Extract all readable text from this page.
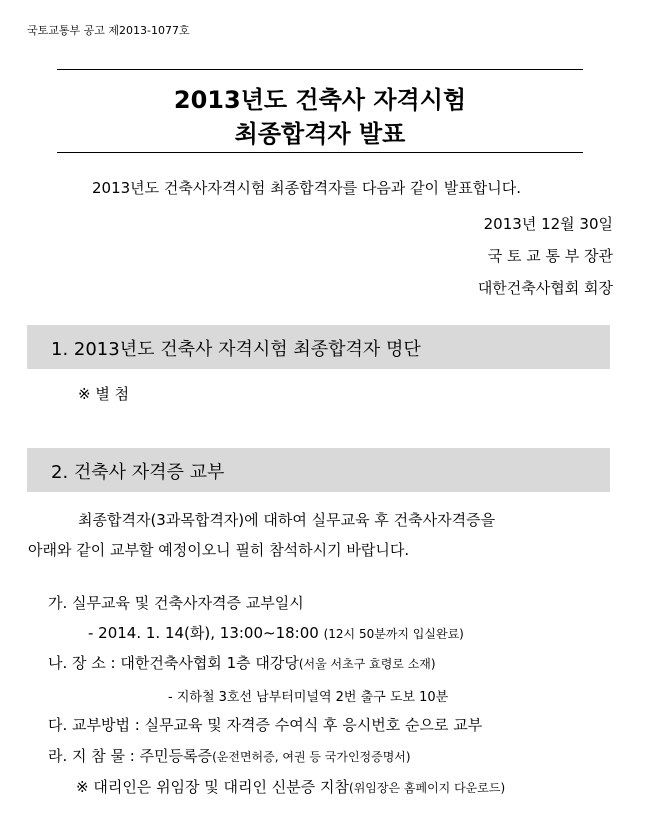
국토교통부 공고 제2013-1077호
2013년도 건축사 자격시험
최종합격자 발표
2013년도 건축사자격시험 최종합격자를 다음과 같이 발표합니다.
2013년 12월 30일
국 토 교 통 부 장관
대한건축사협회 회장
1. 2013년도 건축사 자격시험 최종합격자 명단
※ 별 첨
2. 건축사 자격증 교부
최종합격자(3과목합격자)에 대하여 실무교육 후 건축사자격증을
아래와 같이 교부할 예정이오니 필히 참석하시기 바랍니다.
가. 실무교육 및 건축사자격증 교부일시
- 2014. 1. 14(화), 13:00∼18:00 (12시 50분까지 입실완료)
나. 장 소 : 대한건축사협회 1층 대강당(서울 서초구 효령로 소재)
- 지하철 3호선 남부터미널역 2번 출구 도보 10분
다. 교부방법 : 실무교육 및 자격증 수여식 후 응시번호 순으로 교부
라. 지 참 물 : 주민등록증(운전면허증, 여권 등 국가인정증명서)
※ 대리인은 위임장 및 대리인 신분증 지참(위임장은 홈페이지 다운로드)
